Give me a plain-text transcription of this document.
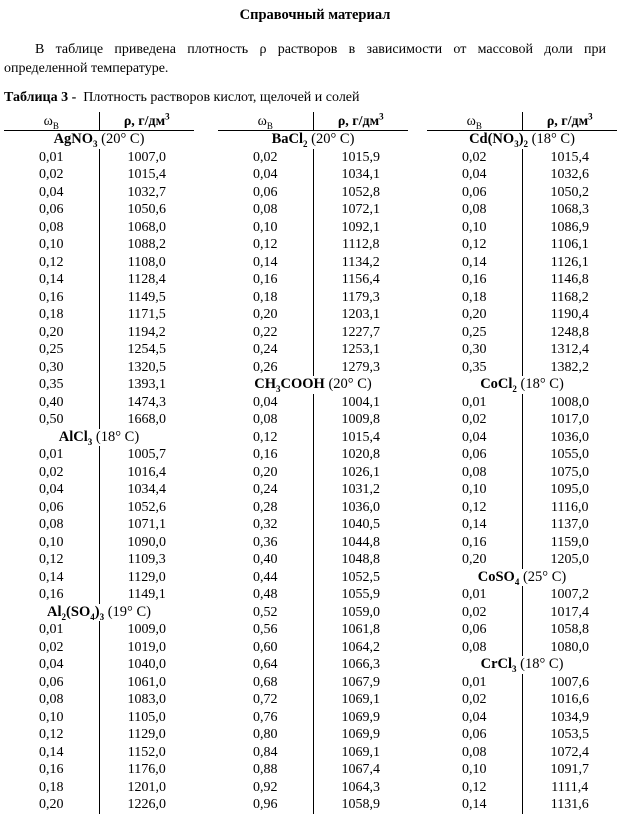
Справочный материал

В таблице приведена плотность ρ растворов в зависимости от массовой доли при определенной температуре.

Таблица 3 - Плотность растворов кислот, щелочей и солей

$\omega_В$	ρ, $г/дм^3$
AgNO$_3$ (20° C)	
0,01	1007,0
0,02	1015,4
0,04	1032,7
0,06	1050,6
0,08	1068,0
0,10	1088,2
0,12	1108,0
0,14	1128,4
0,16	1149,5
0,18	1171,5
0,20	1194,2
0,25	1254,5
0,30	1320,5
0,35	1393,1
0,40	1474,3
0,50	1668,0
AlCl$_3$ (18° C)	
0,01	1005,7
0,02	1016,4
0,04	1034,4
0,06	1052,6
0,08	1071,1
0,10	1090,0
0,12	1109,3
0,14	1129,0
0,16	1149,1
$Al_2(SO_4)_3$ (19° C)	
0,01	1009,0
0,02	1019,0
0,04	1040,0
0,06	1061,0
0,08	1083,0
0,10	1105,0
0,12	1129,0
0,14	1152,0
0,16	1176,0
0,18	1201,0
0,20	1226,0
$\omega_В$	ρ, $г/дм^3$
BaCl$_2$ (20° C)	
0,02	1015,9
0,04	1034,1
0,06	1052,8
0,08	1072,1
0,10	1092,1
0,12	1112,8
0,14	1134,2
0,16	1156,4
0,18	1179,3
0,20	1203,1
0,22	1227,7
0,24	1253,1
0,26	1279,3
$CH_3COOH$ (20° C)	
0,04	1004,1
0,08	1009,8
0,12	1015,4
0,16	1020,8
0,20	1026,1
0,24	1031,2
0,28	1036,0
0,32	1040,5
0,36	1044,8
0,40	1048,8
0,44	1052,5
0,48	1055,9
0,52	1059,0
0,56	1061,8
0,60	1064,2
0,64	1066,3
0,68	1067,9
0,72	1069,1
0,76	1069,9
0,80	1069,9
0,84	1069,1
0,88	1067,4
0,92	1064,3
0,96	1058,9
$\omega_В$	ρ, $г/дм^3$
$Cd(NO_3)_2$ (18° C)	
0,02	1015,4
0,04	1032,6
0,06	1050,2
0,08	1068,3
0,10	1086,9
0,12	1106,1
0,14	1126,1
0,16	1146,8
0,18	1168,2
0,20	1190,4
0,25	1248,8
0,30	1312,4
0,35	1382,2
CoCl$_2$ (18° C)	
0,01	1008,0
0,02	1017,0
0,04	1036,0
0,06	1055,0
0,08	1075,0
0,10	1095,0
0,12	1116,0
0,14	1137,0
0,16	1159,0
0,20	1205,0
CoSO$_4$ (25° C)	
0,01	1007,2
0,02	1017,4
0,06	1058,8
0,08	1080,0
CrCl$_3$ (18° C)	
0,01	1007,6
0,02	1016,6
0,04	1034,9
0,06	1053,5
0,08	1072,4
0,10	1091,7
0,12	1111,4
0,14	1131,6
